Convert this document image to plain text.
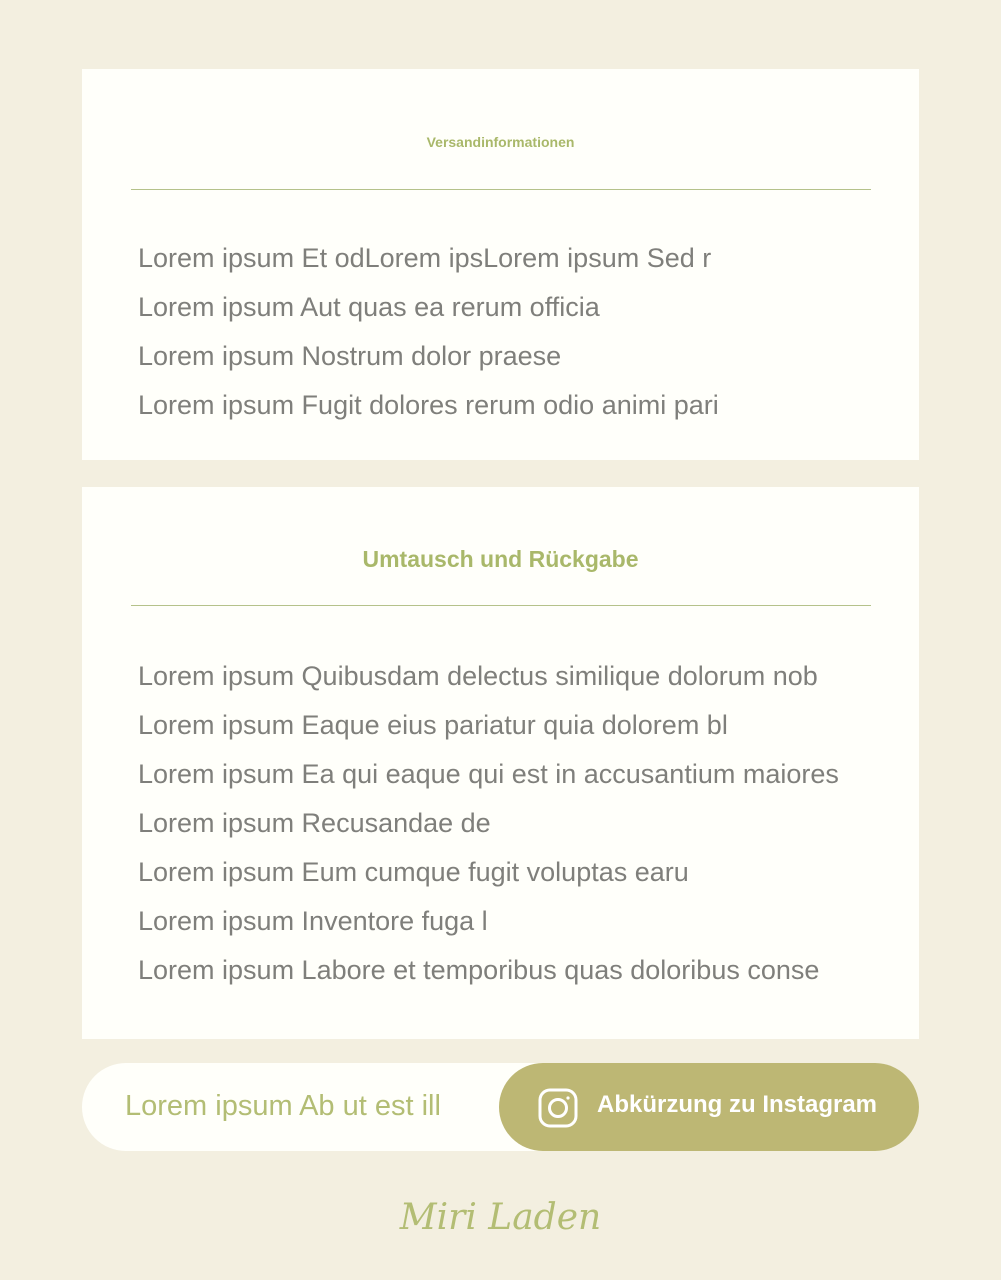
Versandinformationen
Lorem ipsum Et odLorem ipsLorem ipsum Sed r
Lorem ipsum Aut quas ea rerum officia
Lorem ipsum Nostrum dolor praese
Lorem ipsum Fugit dolores rerum odio animi pari
Umtausch und Rückgabe
Lorem ipsum Quibusdam delectus similique dolorum nob
Lorem ipsum Eaque eius pariatur quia dolorem bl
Lorem ipsum Ea qui eaque qui est in accusantium maiores
Lorem ipsum Recusandae de
Lorem ipsum Eum cumque fugit voluptas earu
Lorem ipsum Inventore fuga l
Lorem ipsum Labore et temporibus quas doloribus conse
Lorem ipsum Ab ut est ill	Abkürzung zu Instagram

Miri Laden
